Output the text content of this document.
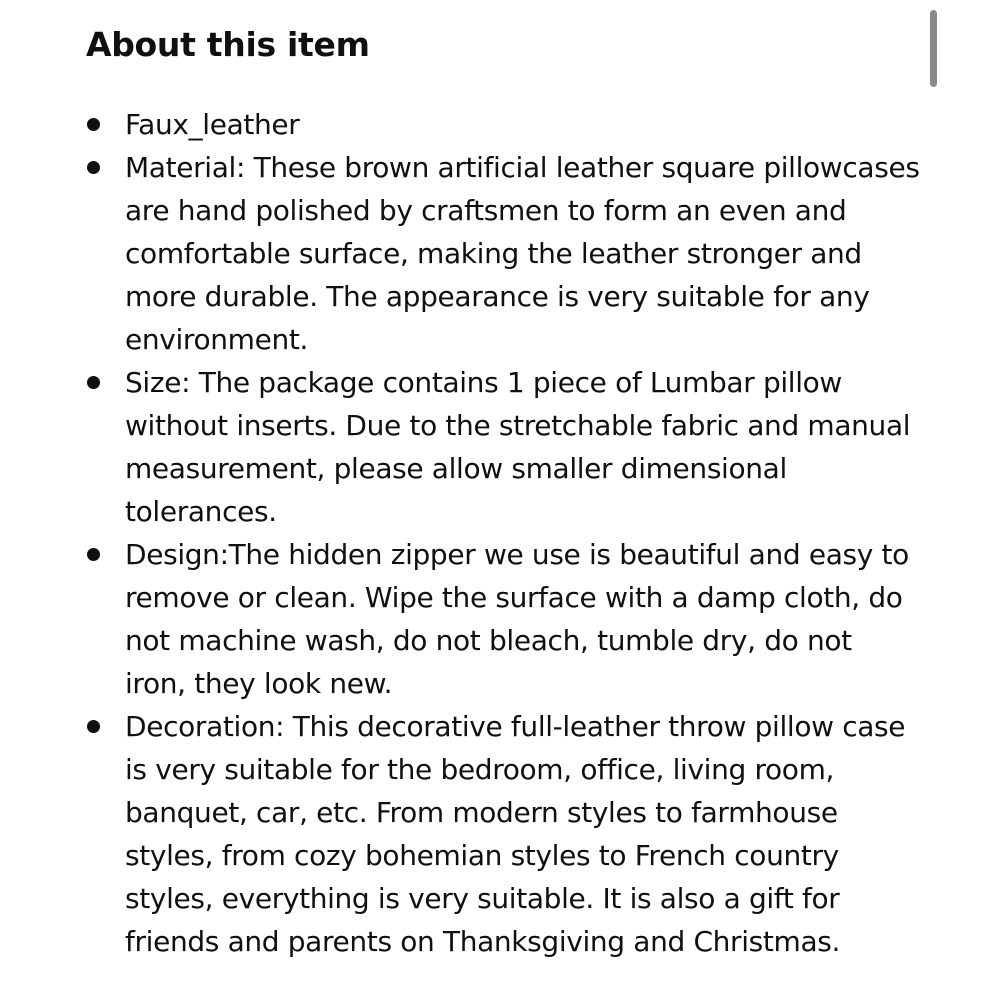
About this item
Faux_leather
Material: These brown artificial leather square pillowcases are hand polished by craftsmen to form an even and comfortable surface, making the leather stronger and more durable. The appearance is very suitable for any environment.
Size: The package contains 1 piece of Lumbar pillow without inserts. Due to the stretchable fabric and manual measurement, please allow smaller dimensional tolerances.
Design:The hidden zipper we use is beautiful and easy to remove or clean. Wipe the surface with a damp cloth, do not machine wash, do not bleach, tumble dry, do not iron, they look new.
Decoration: This decorative full-leather throw pillow case is very suitable for the bedroom, office, living room, banquet, car, etc. From modern styles to farmhouse styles, from cozy bohemian styles to French country styles, everything is very suitable. It is also a gift for friends and parents on Thanksgiving and Christmas.
